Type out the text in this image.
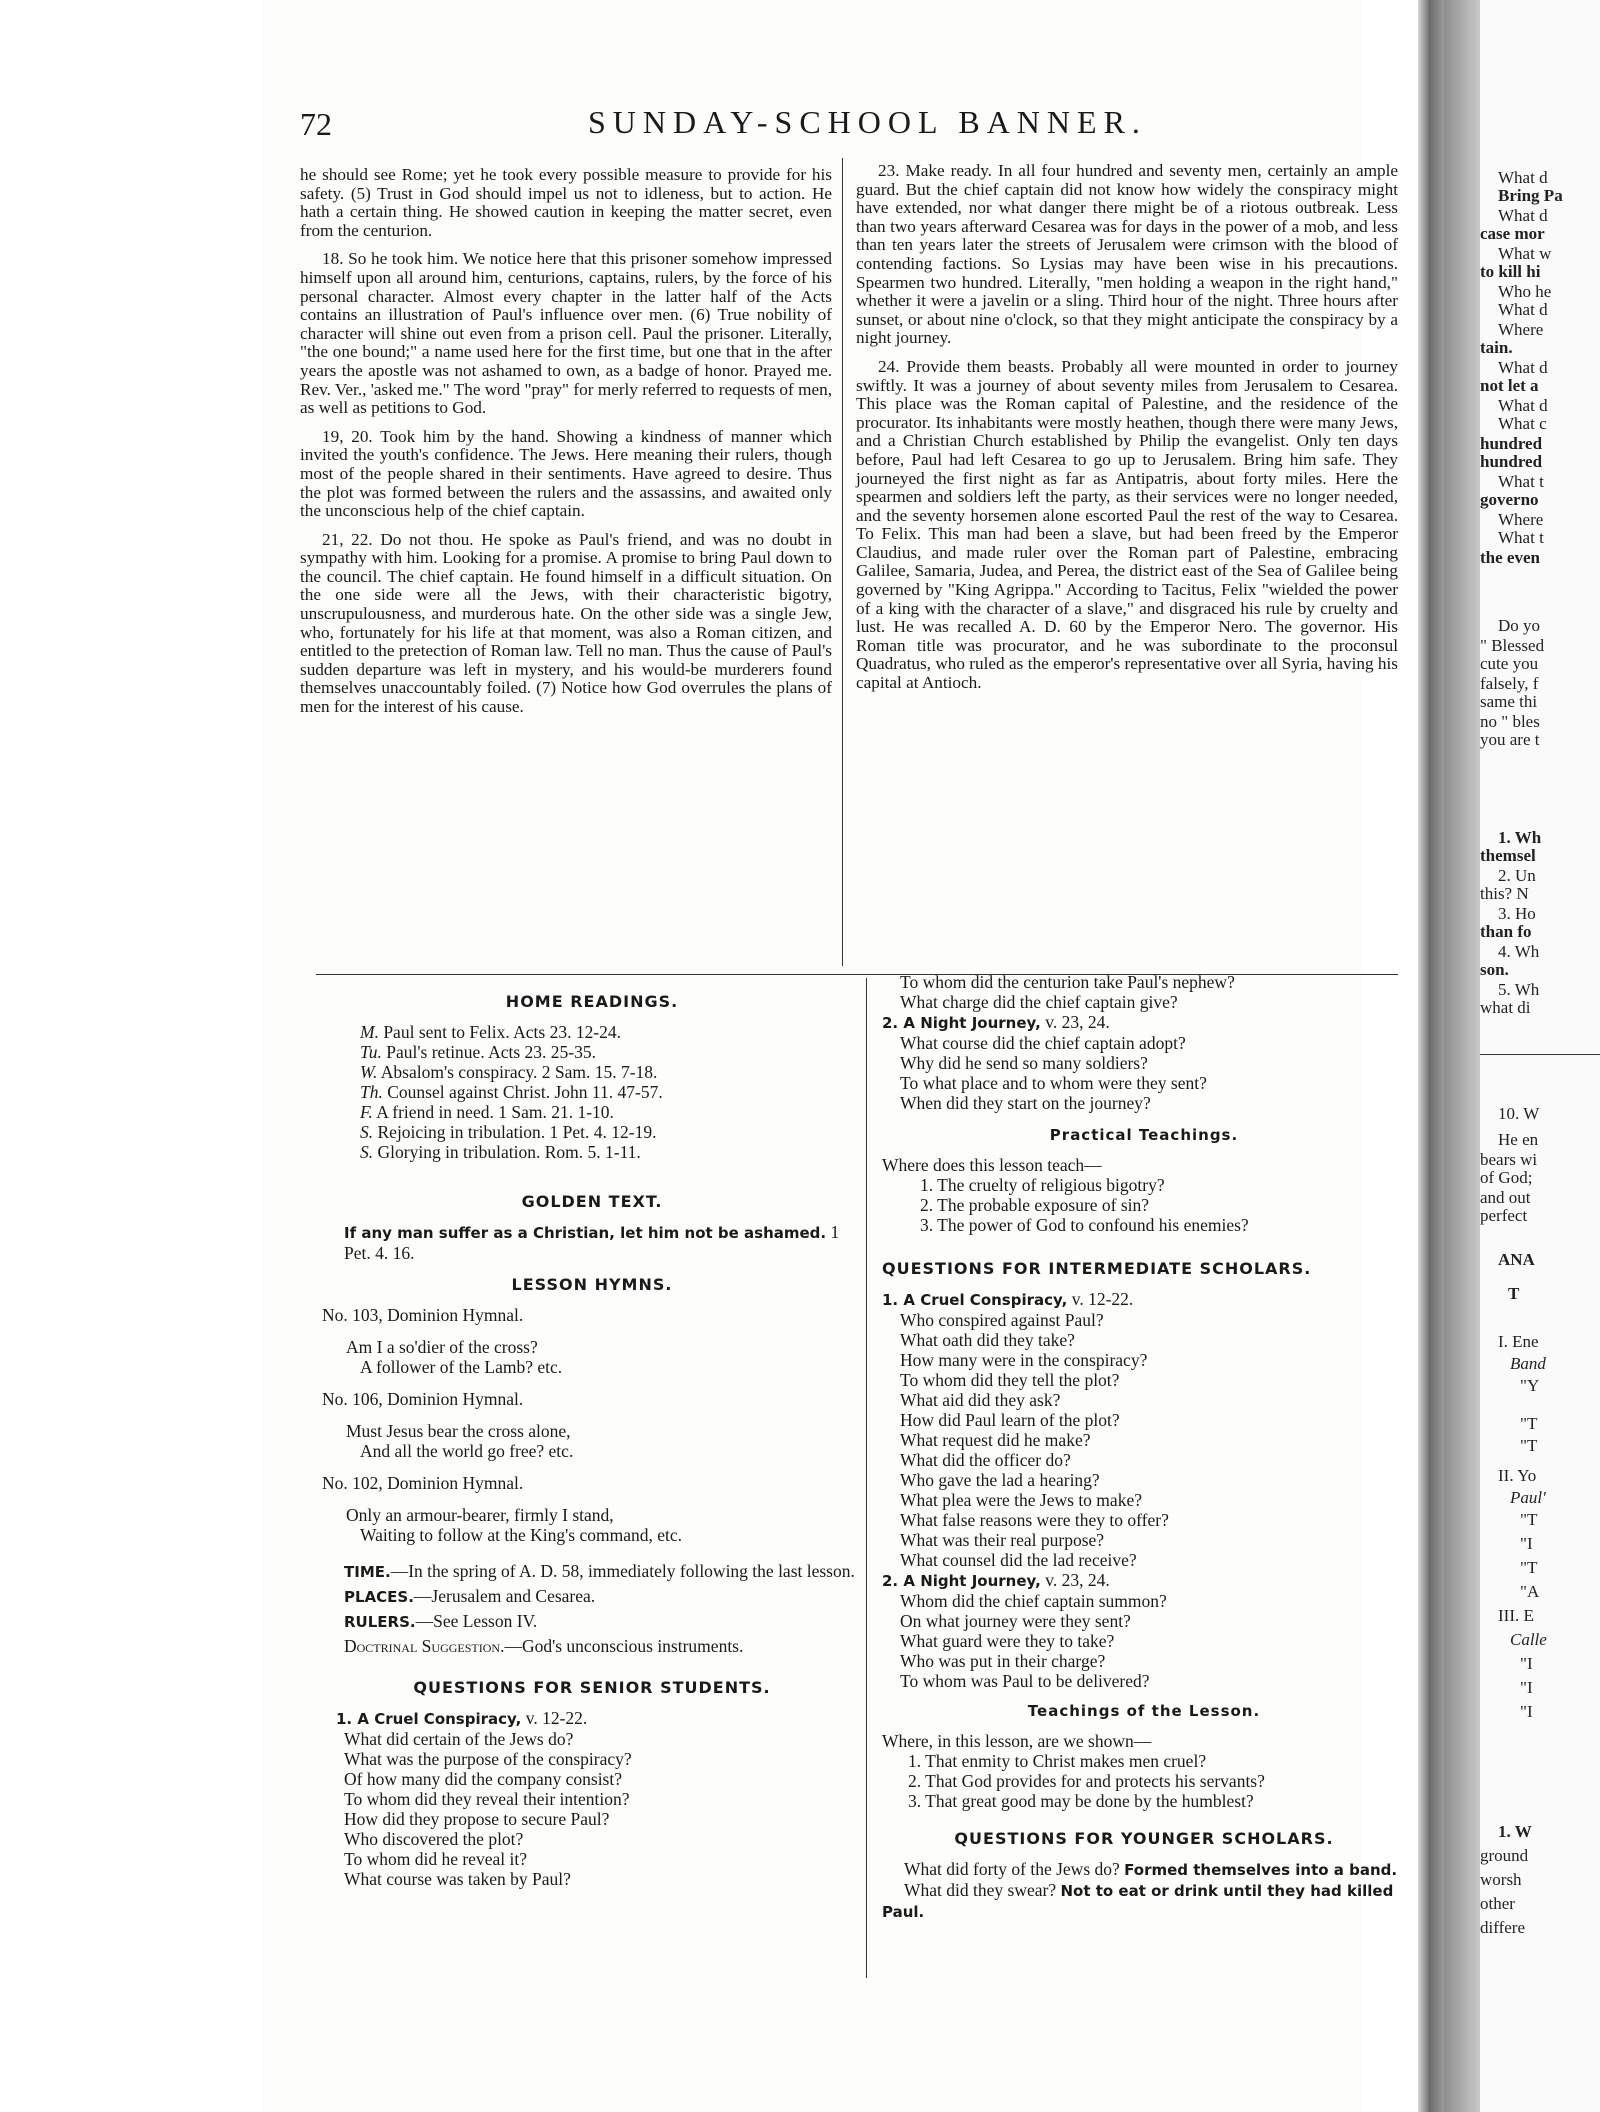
72	SUNDAY-SCHOOL BANNER.

he should see Rome; yet he took every possible measure to provide for his safety. (5) Trust in God should impel us not to idleness, but to action. He hath a certain thing. He showed caution in keeping the matter secret, even from the centurion.

18. So he took him. We notice here that this prisoner somehow impressed himself upon all around him, centurions, captains, rulers, by the force of his personal character. Almost every chapter in the latter half of the Acts contains an illustration of Paul's influence over men. (6) True nobility of character will shine out even from a prison cell. Paul the prisoner. Literally, "the one bound;" a name used here for the first time, but one that in the after years the apostle was not ashamed to own, as a badge of honor. Prayed me. Rev. Ver., 'asked me." The word "pray" for merly referred to requests of men, as well as petitions to God.

19, 20. Took him by the hand. Showing a kindness of manner which invited the youth's confidence. The Jews. Here meaning their rulers, though most of the people shared in their sentiments. Have agreed to desire. Thus the plot was formed between the rulers and the assassins, and awaited only the unconscious help of the chief captain.

21, 22. Do not thou. He spoke as Paul's friend, and was no doubt in sympathy with him. Looking for a promise. A promise to bring Paul down to the council. The chief captain. He found himself in a difficult situation. On the one side were all the Jews, with their characteristic bigotry, unscrupulousness, and murderous hate. On the other side was a single Jew, who, fortunately for his life at that moment, was also a Roman citizen, and entitled to the pretection of Roman law. Tell no man. Thus the cause of Paul's sudden departure was left in mystery, and his would-be murderers found themselves unaccountably foiled. (7) Notice how God overrules the plans of men for the interest of his cause.

23. Make ready. In all four hundred and seventy men, certainly an ample guard. But the chief captain did not know how widely the conspiracy might have extended, nor what danger there might be of a riotous outbreak. Less than two years afterward Cesarea was for days in the power of a mob, and less than ten years later the streets of Jerusalem were crimson with the blood of contending factions. So Lysias may have been wise in his precautions. Spearmen two hundred. Literally, "men holding a weapon in the right hand," whether it were a javelin or a sling. Third hour of the night. Three hours after sunset, or about nine o'clock, so that they might anticipate the conspiracy by a night journey.

24. Provide them beasts. Probably all were mounted in order to journey swiftly. It was a journey of about seventy miles from Jerusalem to Cesarea. This place was the Roman capital of Palestine, and the residence of the procurator. Its inhabitants were mostly heathen, though there were many Jews, and a Christian Church established by Philip the evangelist. Only ten days before, Paul had left Cesarea to go up to Jerusalem. Bring him safe. They journeyed the first night as far as Antipatris, about forty miles. Here the spearmen and soldiers left the party, as their services were no longer needed, and the seventy horsemen alone escorted Paul the rest of the way to Cesarea. To Felix. This man had been a slave, but had been freed by the Emperor Claudius, and made ruler over the Roman part of Palestine, embracing Galilee, Samaria, Judea, and Perea, the district east of the Sea of Galilee being governed by "King Agrippa." According to Tacitus, Felix "wielded the power of a king with the character of a slave," and disgraced his rule by cruelty and lust. He was recalled A. D. 60 by the Emperor Nero. The governor. His Roman title was procurator, and he was subordinate to the proconsul Quadratus, who ruled as the emperor's representative over all Syria, having his capital at Antioch.

HOME READINGS.
M. Paul sent to Felix. Acts 23. 12-24.
Tu. Paul's retinue. Acts 23. 25-35.
W. Absalom's conspiracy. 2 Sam. 15. 7-18.
Th. Counsel against Christ. John 11. 47-57.
F. A friend in need. 1 Sam. 21. 1-10.
S. Rejoicing in tribulation. 1 Pet. 4. 12-19.
S. Glorying in tribulation. Rom. 5. 1-11.
GOLDEN TEXT.
If any man suffer as a Christian, let him not be ashamed. 1 Pet. 4. 16.
LESSON HYMNS.
No. 103, Dominion Hymnal.
Am I a so'dier of the cross?
A follower of the Lamb? etc.
No. 106, Dominion Hymnal.
Must Jesus bear the cross alone,
And all the world go free? etc.
No. 102, Dominion Hymnal.
Only an armour-bearer, firmly I stand,
Waiting to follow at the King's command, etc.
TIME.—In the spring of A. D. 58, immediately following the last lesson.
PLACES.—Jerusalem and Cesarea.
RULERS.—See Lesson IV.
Doctrinal Suggestion.—God's unconscious instruments.
QUESTIONS FOR SENIOR STUDENTS.
1. A Cruel Conspiracy, v. 12-22.
What did certain of the Jews do?
What was the purpose of the conspiracy?
Of how many did the company consist?
To whom did they reveal their intention?
How did they propose to secure Paul?
Who discovered the plot?
To whom did he reveal it?
What course was taken by Paul?
To whom did the centurion take Paul's nephew?
What charge did the chief captain give?
2. A Night Journey, v. 23, 24.
What course did the chief captain adopt?
Why did he send so many soldiers?
To what place and to whom were they sent?
When did they start on the journey?
Practical Teachings.
Where does this lesson teach—
1. The cruelty of religious bigotry?
2. The probable exposure of sin?
3. The power of God to confound his enemies?
QUESTIONS FOR INTERMEDIATE SCHOLARS.
1. A Cruel Conspiracy, v. 12-22.
Who conspired against Paul?
What oath did they take?
How many were in the conspiracy?
To whom did they tell the plot?
What aid did they ask?
How did Paul learn of the plot?
What request did he make?
What did the officer do?
Who gave the lad a hearing?
What plea were the Jews to make?
What false reasons were they to offer?
What was their real purpose?
What counsel did the lad receive?
2. A Night Journey, v. 23, 24.
Whom did the chief captain summon?
On what journey were they sent?
What guard were they to take?
Who was put in their charge?
To whom was Paul to be delivered?
Teachings of the Lesson.
Where, in this lesson, are we shown—
1. That enmity to Christ makes men cruel?
2. That God provides for and protects his servants?
3. That great good may be done by the humblest?
QUESTIONS FOR YOUNGER SCHOLARS.
What did forty of the Jews do? Formed themselves into a band.
What did they swear? Not to eat or drink until they had killed Paul.
What d
Bring Pa
What d
case mor
What w
to kill hi
Who he
What d
Where
tain.
What d
not let a
What d
What c
hundred
hundred
What t
governo
Where
What t
the even
Do yo
" Blessed
cute you
falsely, f
same thi
no " bles
you are t
1. Wh
themsel
2. Un
this? N
3. Ho
than fo
4. Wh
son.
5. Wh
what di
10. W
He en
bears wi
of God;
and out
perfect
ANA
T
I. Ene
Band
"Y
"T
"T
II. Yo
Paul'
"T
"I
"T
"A
III. E
Calle
"I
"I
"I
1. W
ground
worsh
other
differe
